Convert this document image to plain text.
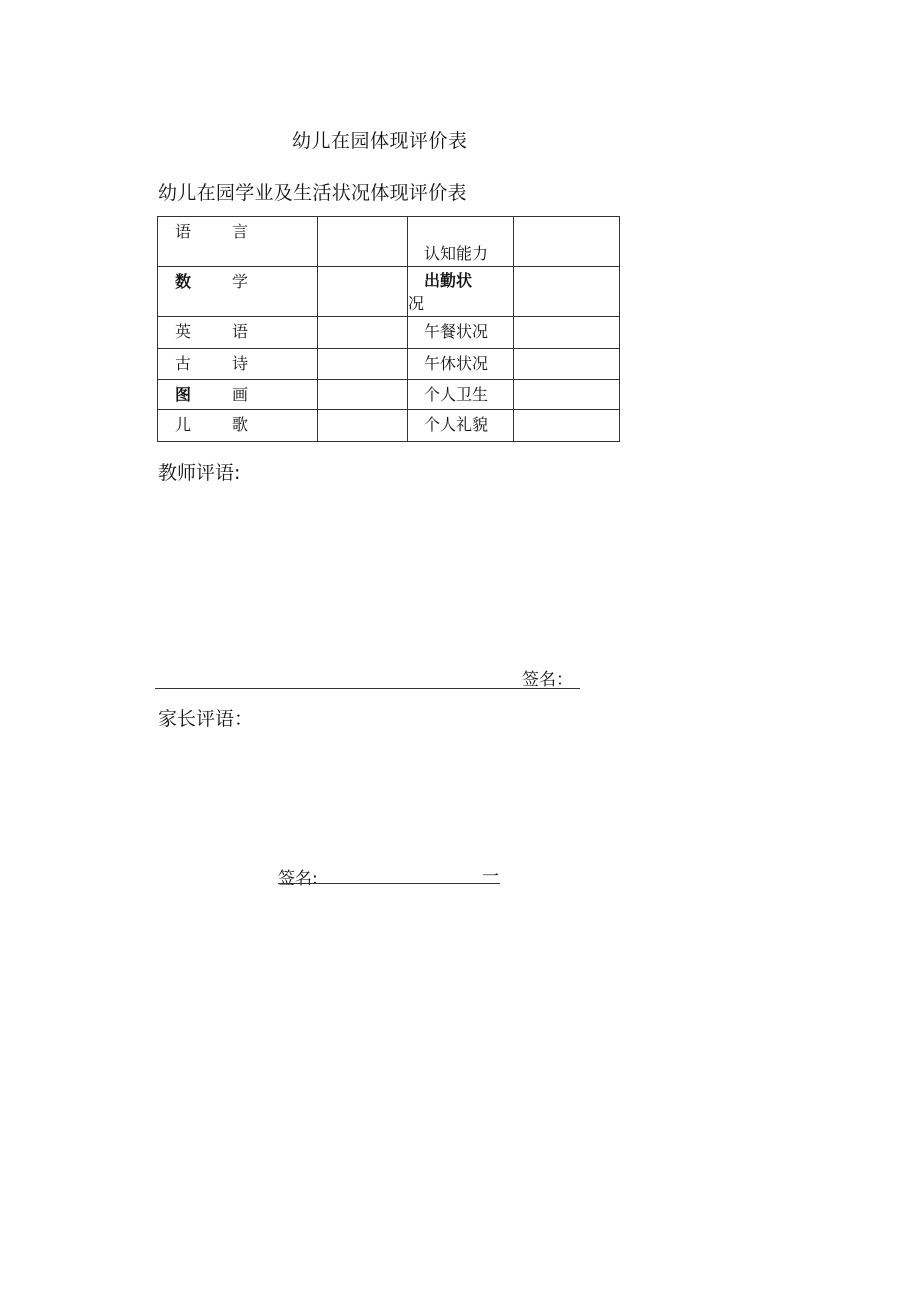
幼儿在园体现评价表
幼儿在园学业及生活状况体现评价表
语 言		认知能力	

数 学		出勤状
况	

英 语		午餐状况	

古 诗		午休状况	

图 画		个人卫生	

儿 歌		个人礼貌	

教师评语:
签名：
家长评语：
签名:	一
